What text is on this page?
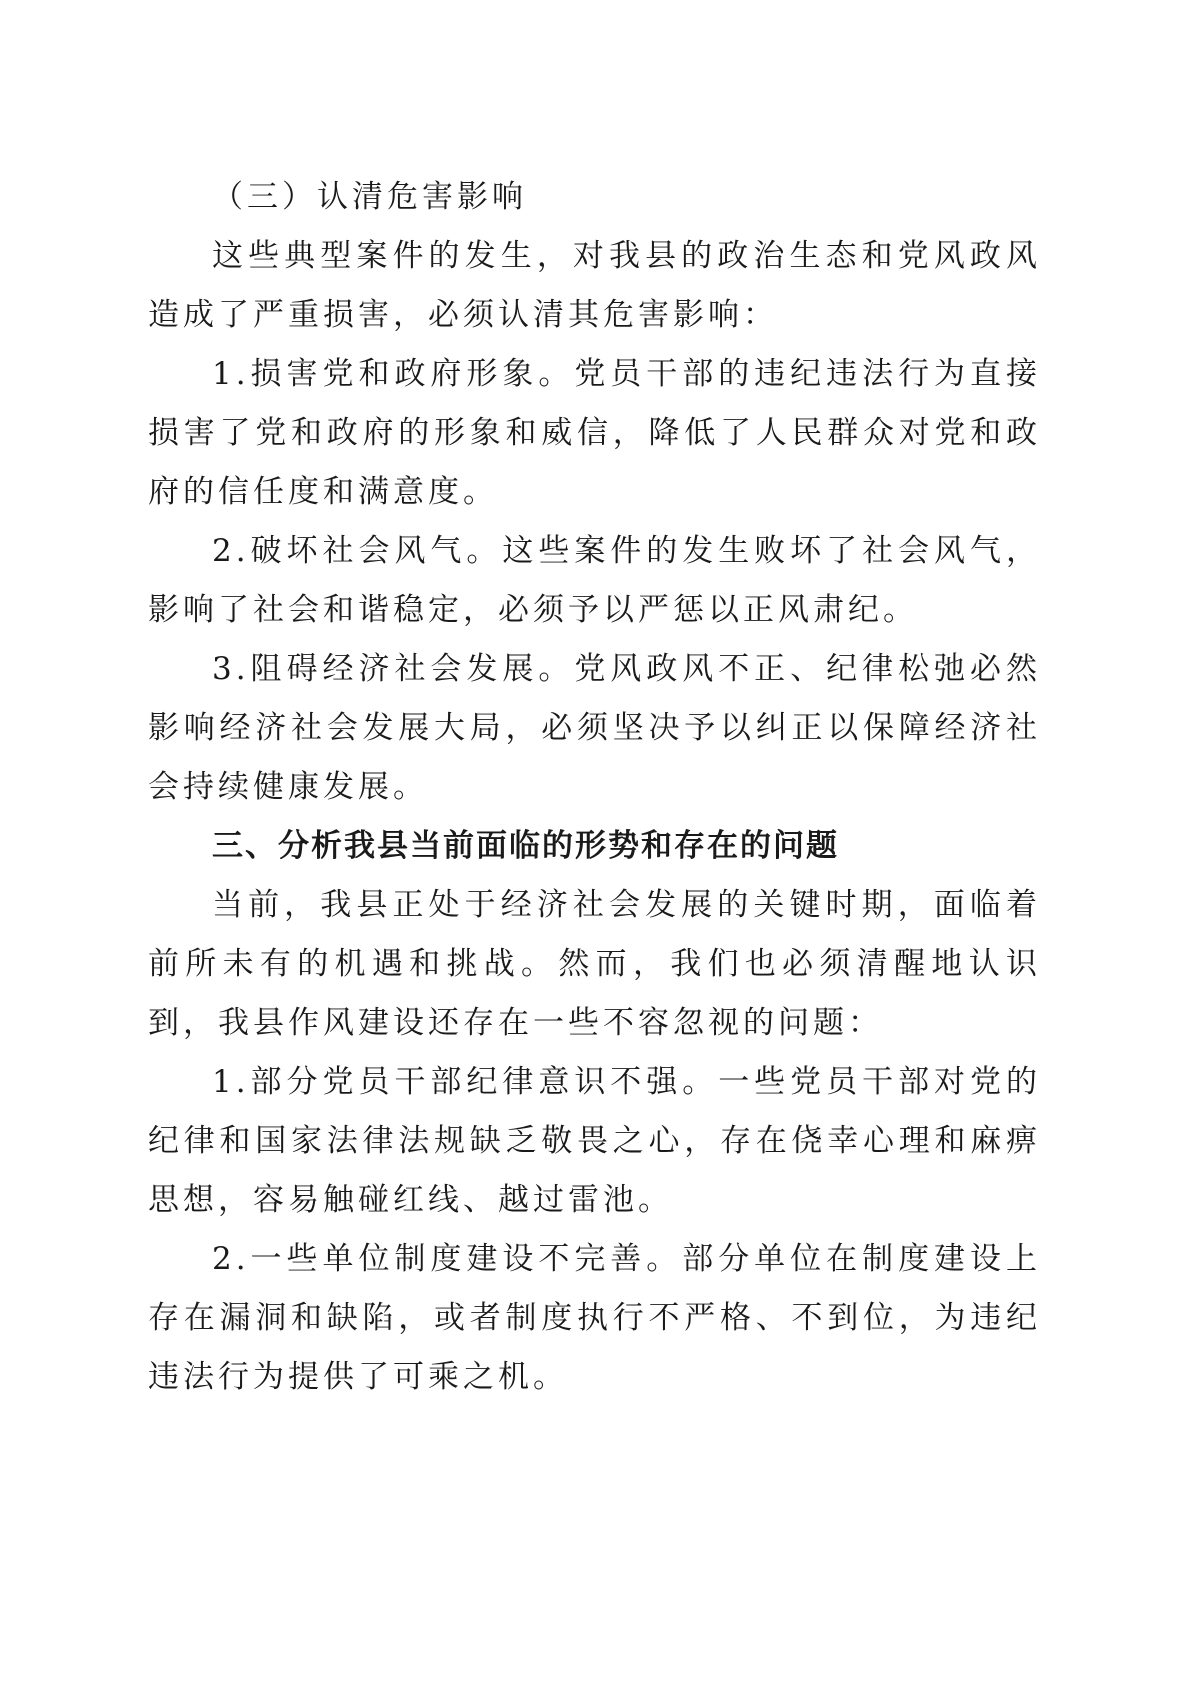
（三）认清危害影响

这些典型案件的发生，对我县的政治生态和党风政风造成了严重损害，必须认清其危害影响：

1.损害党和政府形象。党员干部的违纪违法行为直接损害了党和政府的形象和威信，降低了人民群众对党和政府的信任度和满意度。

2.破坏社会风气。这些案件的发生败坏了社会风气，影响了社会和谐稳定，必须予以严惩以正风肃纪。

3.阻碍经济社会发展。党风政风不正、纪律松弛必然影响经济社会发展大局，必须坚决予以纠正以保障经济社会持续健康发展。

三、分析我县当前面临的形势和存在的问题

当前，我县正处于经济社会发展的关键时期，面临着前所未有的机遇和挑战。然而，我们也必须清醒地认识到，我县作风建设还存在一些不容忽视的问题：

1.部分党员干部纪律意识不强。一些党员干部对党的纪律和国家法律法规缺乏敬畏之心，存在侥幸心理和麻痹思想，容易触碰红线、越过雷池。

2.一些单位制度建设不完善。部分单位在制度建设上存在漏洞和缺陷，或者制度执行不严格、不到位，为违纪违法行为提供了可乘之机。
